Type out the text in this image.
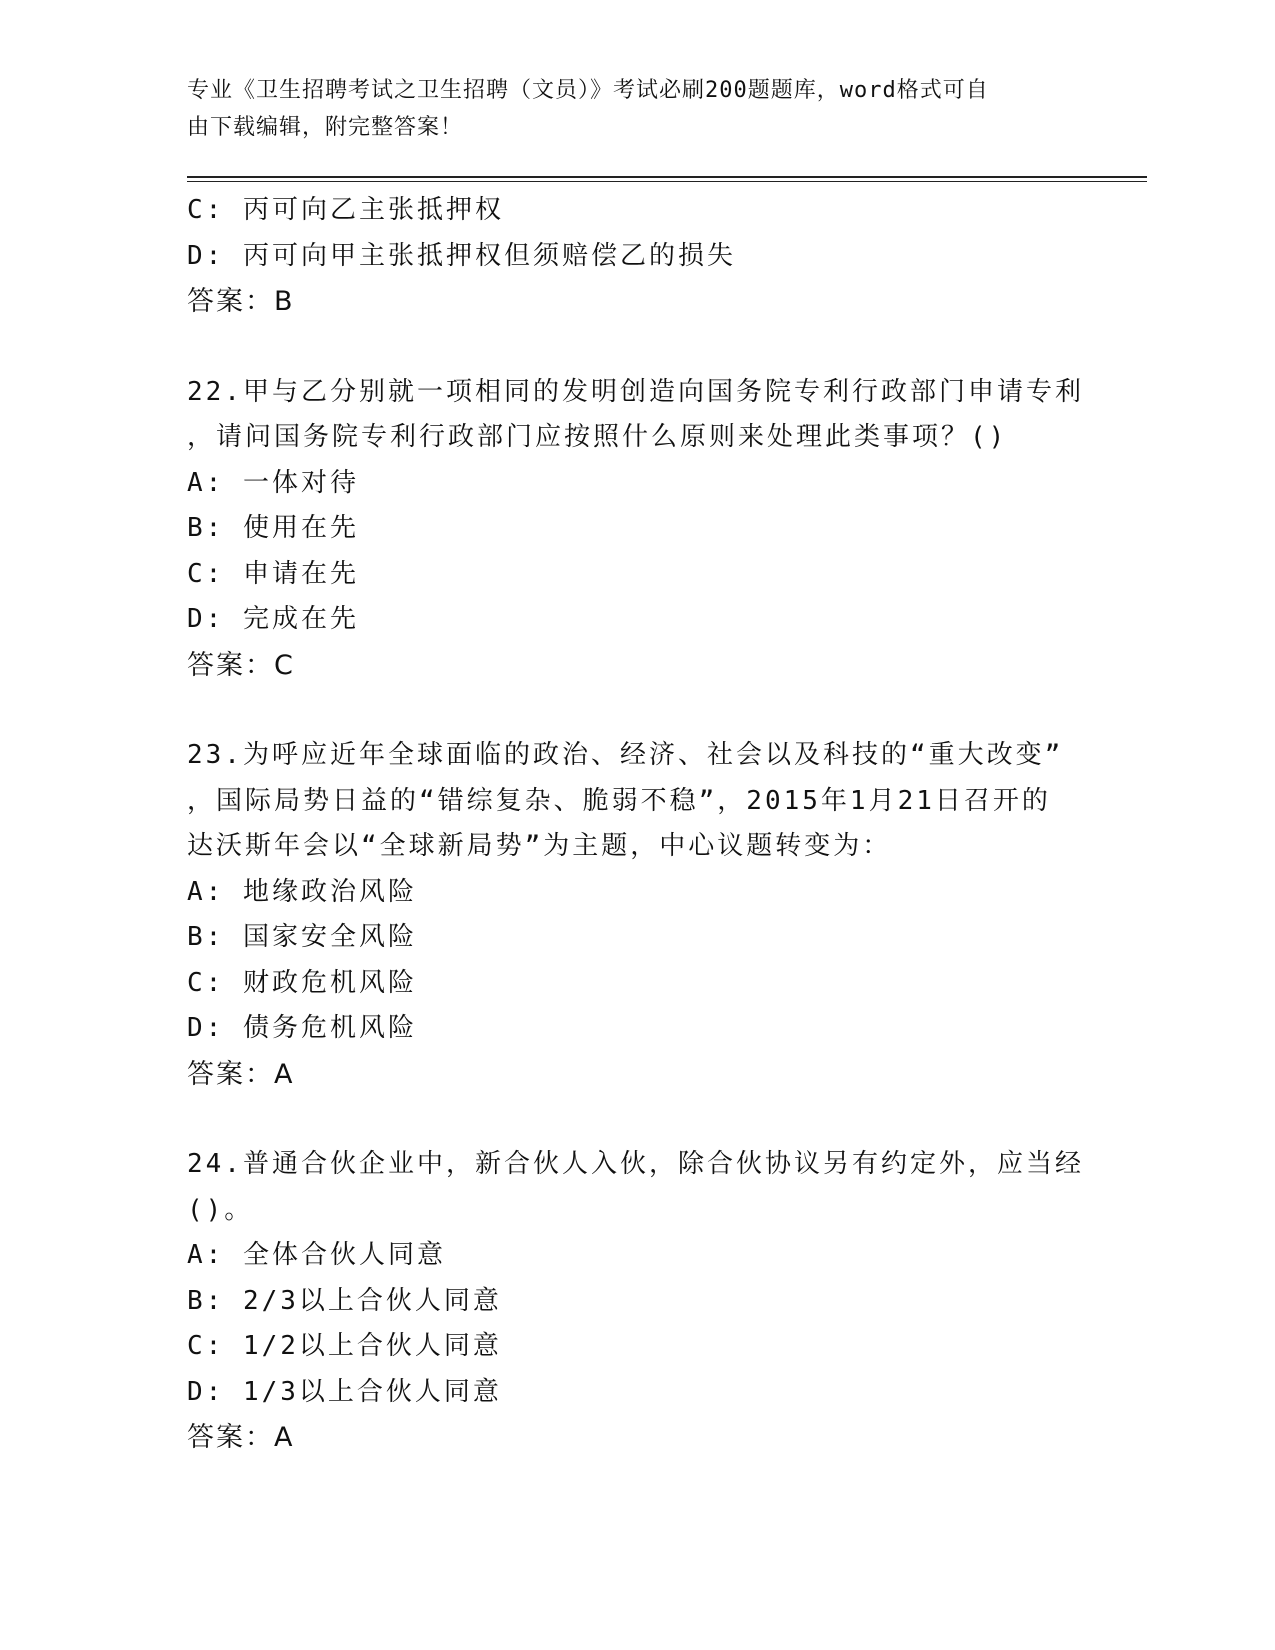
专业《卫生招聘考试之卫生招聘（文员）》考试必刷200题题库，word格式可自
由下载编辑，附完整答案！
C: 丙可向乙主张抵押权
D: 丙可向甲主张抵押权但须赔偿乙的损失
答案：B
22.甲与乙分别就一项相同的发明创造向国务院专利行政部门申请专利
，请问国务院专利行政部门应按照什么原则来处理此类事项？()
A: 一体对待
B: 使用在先
C: 申请在先
D: 完成在先
答案：C
23.为呼应近年全球面临的政治、经济、社会以及科技的“重大改变”
，国际局势日益的“错综复杂、脆弱不稳”，2015年1月21日召开的
达沃斯年会以“全球新局势”为主题，中心议题转变为：
A: 地缘政治风险
B: 国家安全风险
C: 财政危机风险
D: 债务危机风险
答案：A
24.普通合伙企业中，新合伙人入伙，除合伙协议另有约定外，应当经
()。
A: 全体合伙人同意
B: 2/3以上合伙人同意
C: 1/2以上合伙人同意
D: 1/3以上合伙人同意
答案：A
